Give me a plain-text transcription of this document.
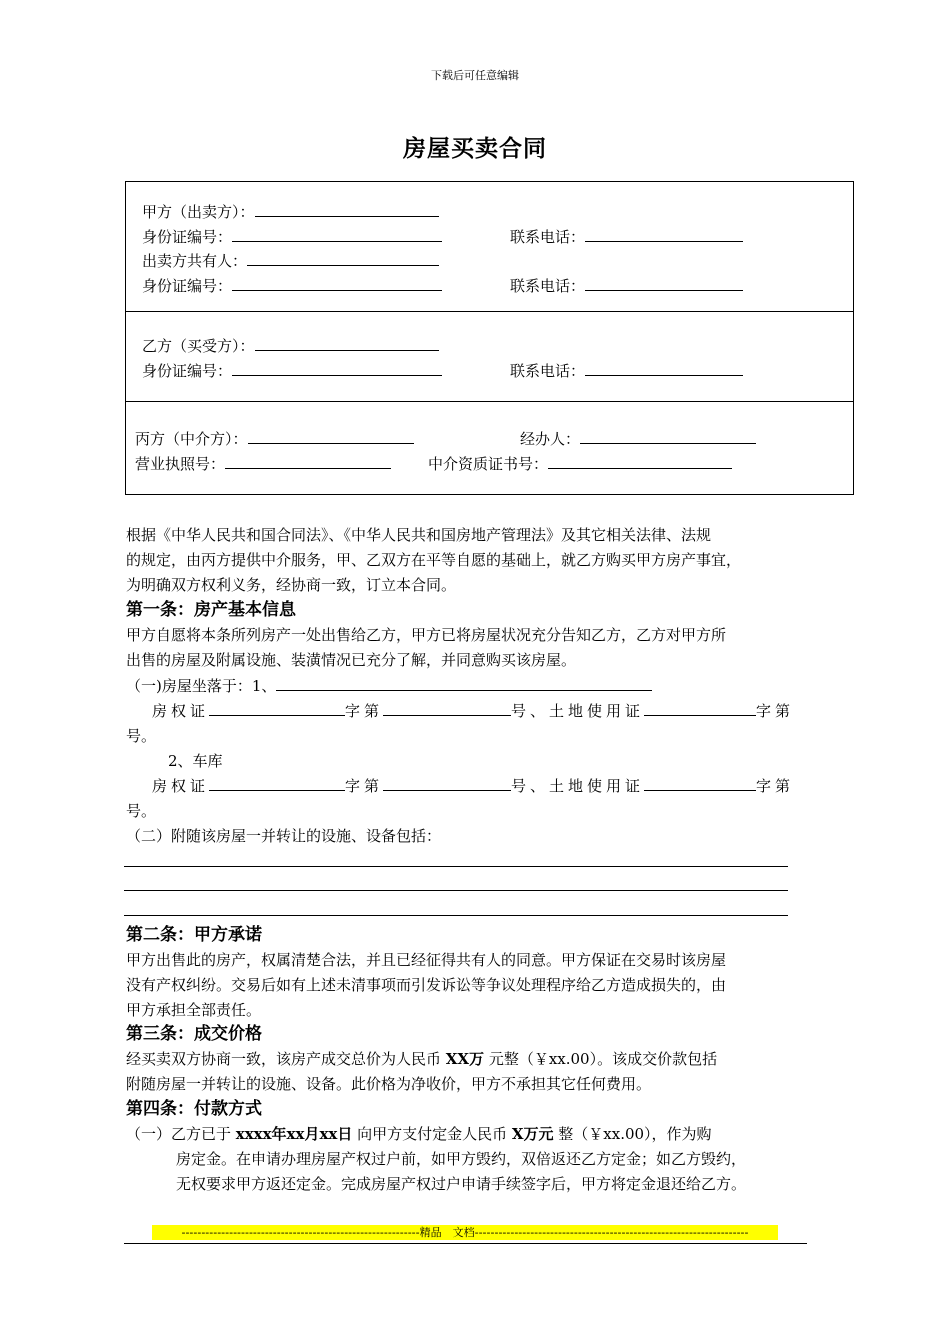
下载后可任意编辑
房屋买卖合同
甲方（出卖方）：
身份证编号：	联系电话：
出卖方共有人：
身份证编号：	联系电话：
乙方（买受方）：
身份证编号：	联系电话：
丙方（中介方）：	经办人：
营业执照号：	中介资质证书号：
根据《中华人民共和国合同法》、《中华人民共和国房地产管理法》及其它相关法律、法规
的规定，由丙方提供中介服务，甲、乙双方在平等自愿的基础上，就乙方购买甲方房产事宜，
为明确双方权利义务，经协商一致，订立本合同。
第一条：房产基本信息
甲方自愿将本条所列房产一处出售给乙方，甲方已将房屋状况充分告知乙方，乙方对甲方所
出售的房屋及附属设施、装潢情况已充分了解，并同意购买该房屋。
（一)房屋坐落于：1、
房权证	字第	号、土地使用证	字第
号。
2、车库
房权证	字第	号、土地使用证	字第
号。
（二）附随该房屋一并转让的设施、设备包括：
第二条：甲方承诺
甲方出售此的房产，权属清楚合法，并且已经征得共有人的同意。甲方保证在交易时该房屋
没有产权纠纷。交易后如有上述未清事项而引发诉讼等争议处理程序给乙方造成损失的，由
甲方承担全部责任。
第三条：成交价格
经买卖双方协商一致，该房产成交总价为人民币 XX万 元整（￥xx.00）。该成交价款包括
附随房屋一并转让的设施、设备。此价格为净收价，甲方不承担其它任何费用。
第四条：付款方式
（一）乙方已于 xxxx年xx月xx日 向甲方支付定金人民币 X万元 整（￥xx.00），作为购
房定金。在申请办理房屋产权过户前，如甲方毁约，双倍返还乙方定金；如乙方毁约，
无权要求甲方返还定金。完成房屋产权过户申请手续签字后，甲方将定金退还给乙方。
------------------------------------------------------------精品　文档---------------------------------------------------------------------
